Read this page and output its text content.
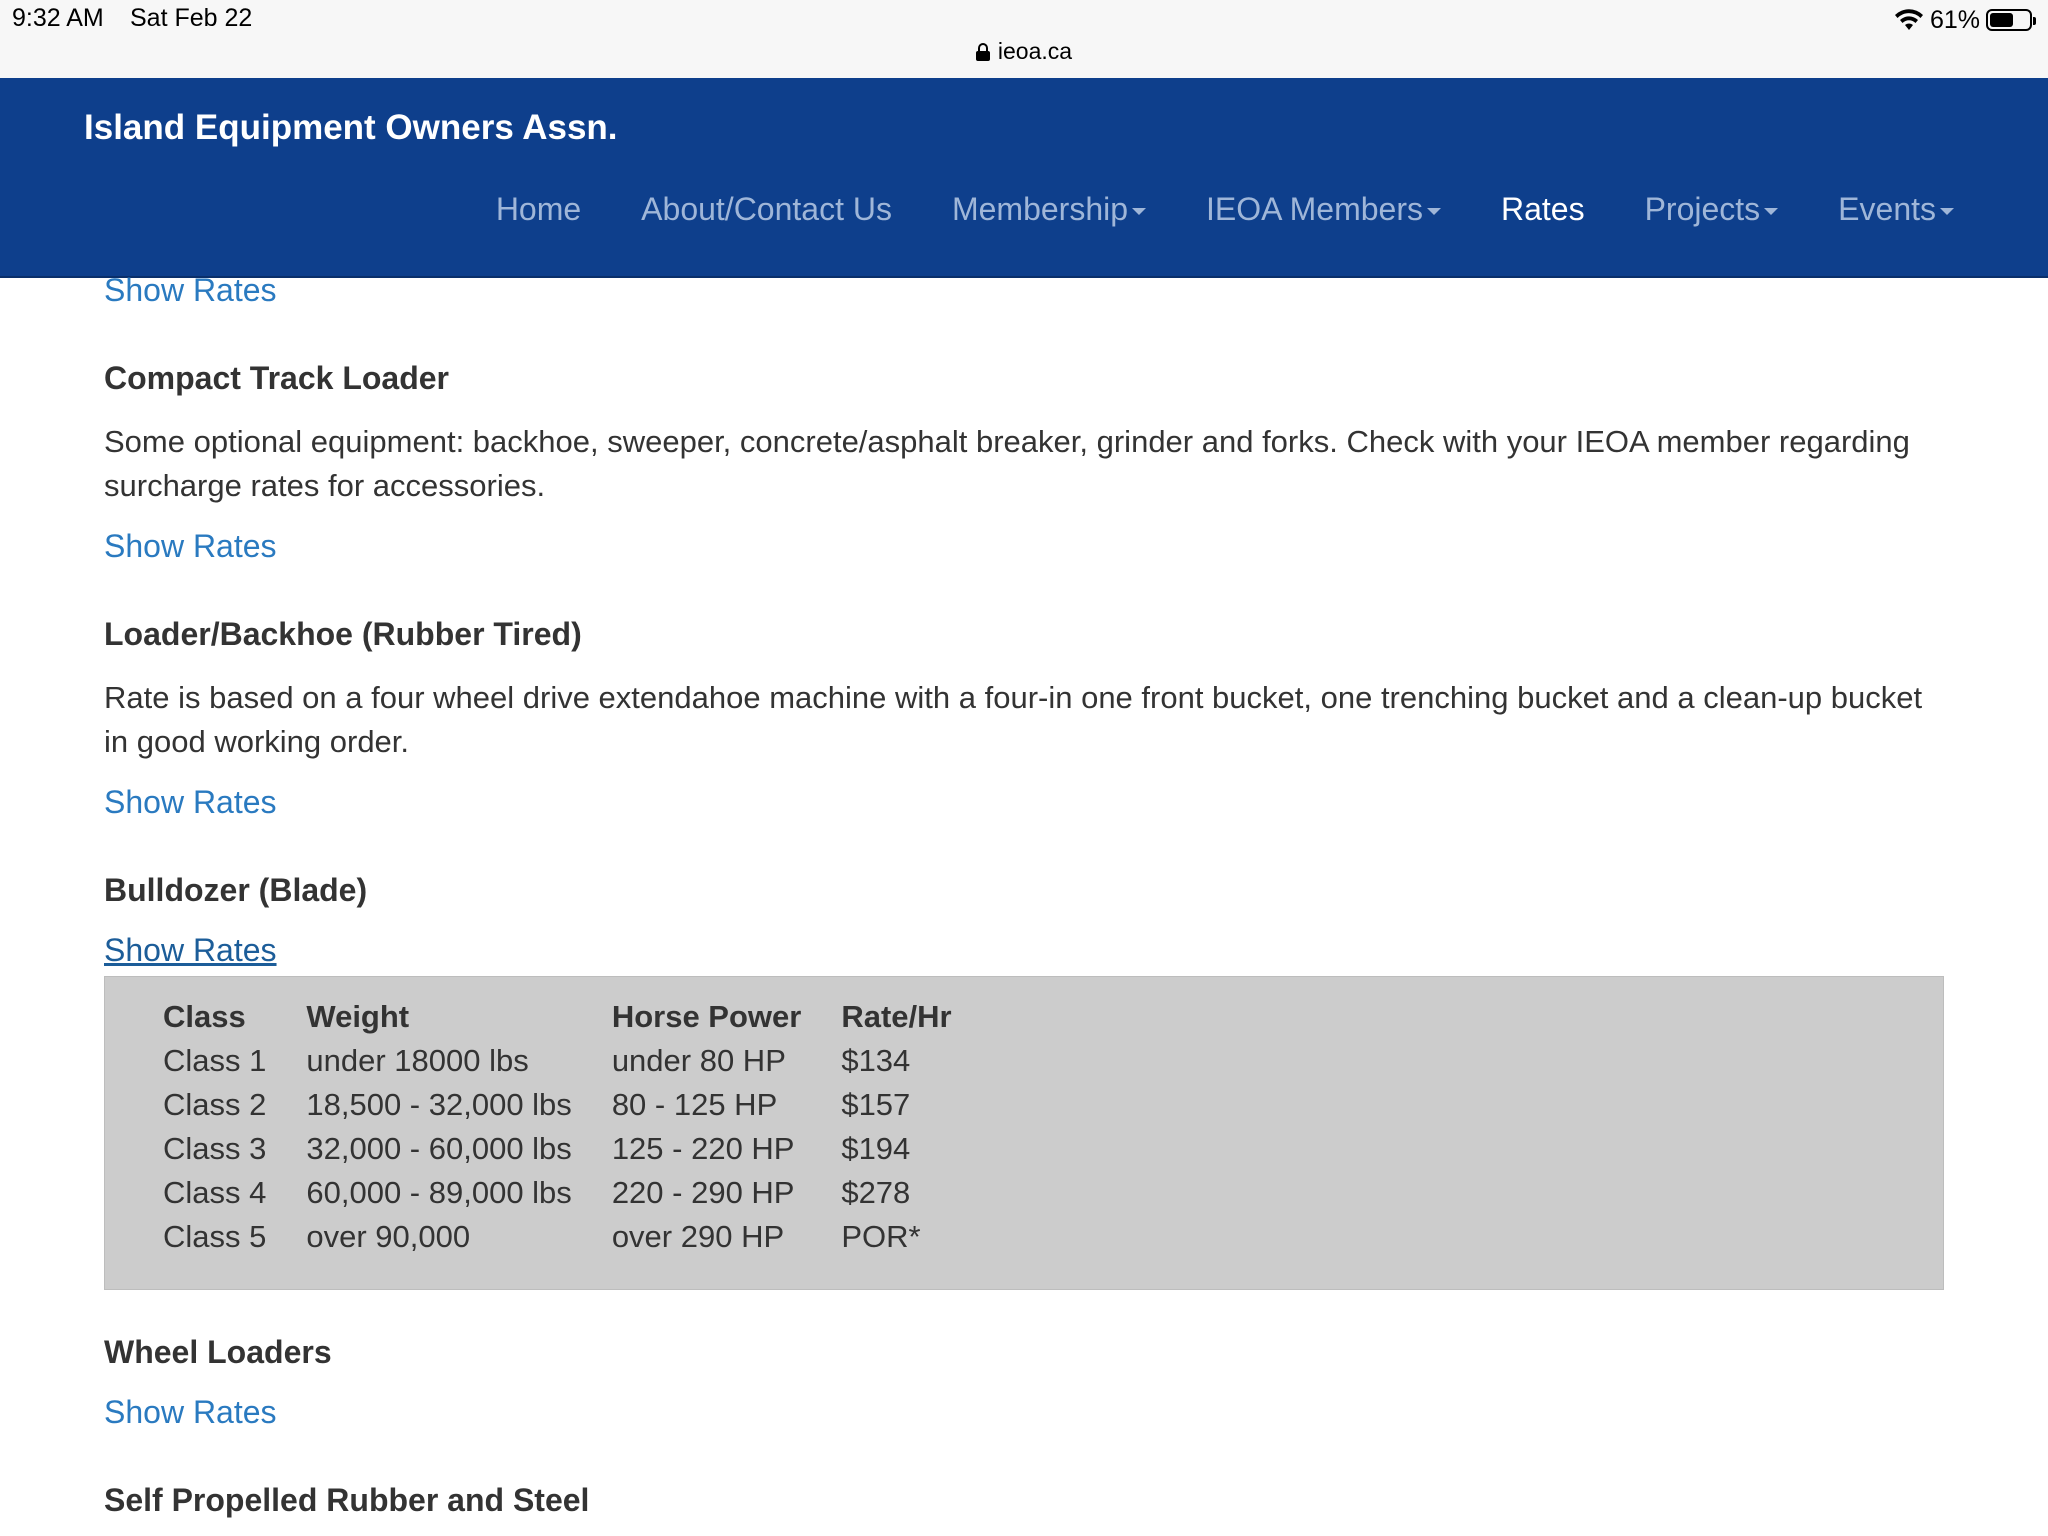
9:32 AM Sat Feb 22	61%
ieoa.ca
Island Equipment Owners Assn.
Home	About/Contact Us	Membership	IEOA Members	Rates	Projects	Events
Show Rates
Compact Track Loader

Some optional equipment: backhoe, sweeper, concrete/asphalt breaker, grinder and forks. Check with your IEOA member regarding surcharge rates for accessories.

Show Rates
Loader/Backhoe (Rubber Tired)

Rate is based on a four wheel drive extendahoe machine with a four-in one front bucket, one trenching bucket and a clean-up bucket in good working order.

Show Rates
Bulldozer (Blade)
Show Rates
Class	Weight	Horse Power	Rate/Hr
Class 1	under 18000 lbs	under 80 HP	$134
Class 2	18,500 - 32,000 lbs	80 - 125 HP	$157
Class 3	32,000 - 60,000 lbs	125 - 220 HP	$194
Class 4	60,000 - 89,000 lbs	220 - 290 HP	$278
Class 5	over 90,000	over 290 HP	POR*
Wheel Loaders
Show Rates
Self Propelled Rubber and Steel
